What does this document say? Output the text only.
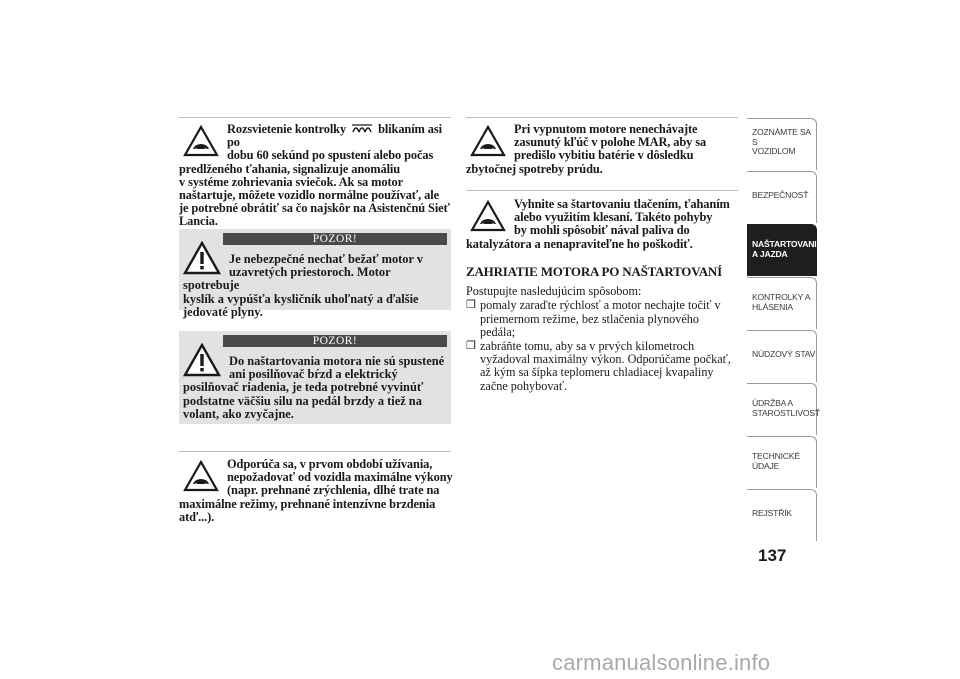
Rozsvietenie kontrolky	blikaním asi po

dobu 60 sekúnd po spustení alebo počas

predlženého ťahania, signalizuje anomáliu

v systéme zohrievania sviečok. Ak sa motor

naštartuje, môžete vozidlo normálne používať, ale

je potrebné obrátiť sa čo najskôr na Asistenčnú Sieť

Lancia.

POZOR!

Je nebezpečné nechať bežať motor v

uzavretých priestoroch. Motor spotrebuje

kyslík a vypúšťa kysličník uhoľnatý a ďalšie

jedovaté plyny.

POZOR!

Do naštartovania motora nie sú spustené

ani posilňovač bŕzd a elektrický

posilňovač riadenia, je teda potrebné vyvinúť

podstatne väčšiu silu na pedál brzdy a tiež na

volant, ako zvyčajne.

Odporúča sa, v prvom období užívania,

nepožadovať od vozidla maximálne výkony

(napr. prehnané zrýchlenia, dlhé trate na

maximálne režimy, prehnané intenzívne brzdenia

atď...).

Pri vypnutom motore nenechávajte

zasunutý kľúč v polohe MAR, aby sa

predišlo vybitiu batérie v dôsledku

zbytočnej spotreby prúdu.

Vyhnite sa štartovaniu tlačením, ťahaním

alebo využitím klesaní. Takéto pohyby

by mohli spôsobiť nával paliva do

katalyzátora a nenapraviteľne ho poškodiť.

ZAHRIATIE MOTORA PO NAŠTARTOVANÍ
Postupujte nasledujúcim spôsobom:
❒ pomaly zaraďte rýchlosť a motor nechajte točiť v
priemernom režime, bez stlačenia plynového
pedála;
❒ zabráňte tomu, aby sa v prvých kilometroch
vyžadoval maximálny výkon. Odporúčame počkať,
až kým sa šípka teplomeru chladiacej kvapaliny
začne pohybovať.
ZOZNÁMTE SA S
VOZIDLOM
BEZPEČNOSŤ
NAŠTARTOVANIE
A JAZDA
KONTROLKY A
HLÁSENIA
NÚDZOVÝ STAV
ÚDRŽBA A
STAROSTLIVOSŤ
TECHNICKÉ
ÚDAJE
REJSTŘÍK
137
carmanualsonline.info
